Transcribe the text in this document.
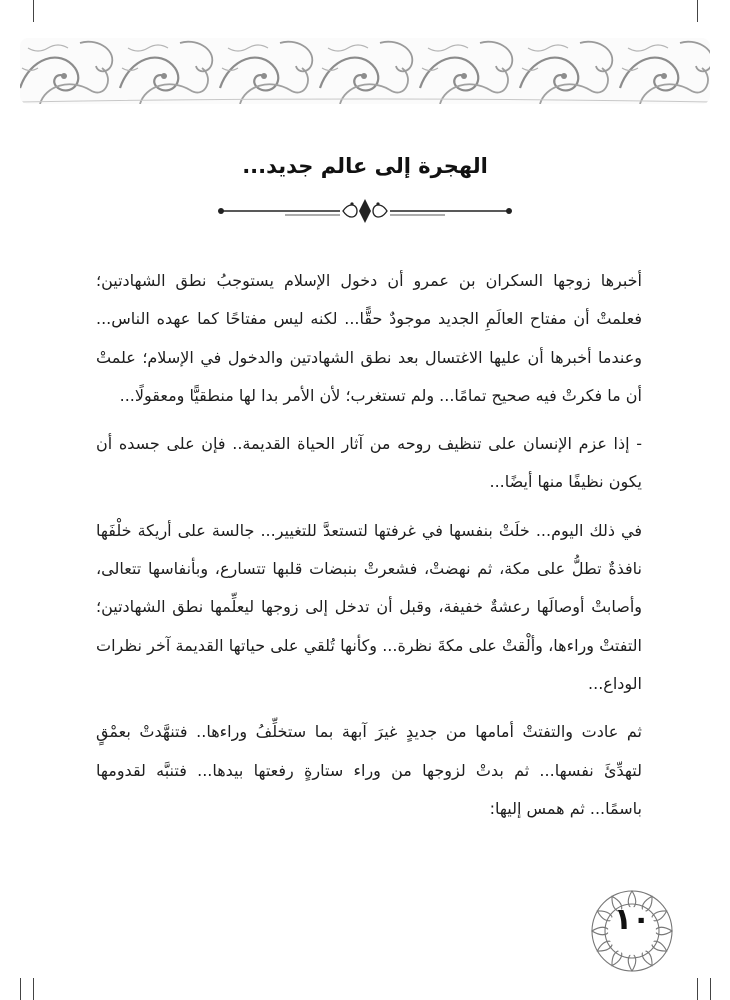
الهجرة إلى عالم جديد...

أخبرها زوجها السكران بن عمرو أن دخول الإسلام يستوجبُ نطق الشهادتين؛ فعلمتْ أن مفتاح العالَمِ الجديد موجودٌ حقًّا... لكنه ليس مفتاحًا كما عهده الناس... وعندما أخبرها أن عليها الاغتسال بعد نطق الشهادتين والدخول في الإسلام؛ علمتْ أن ما فكرتْ فيه صحيح تمامًا... ولم تستغرب؛ لأن الأمر بدا لها منطقيًّا ومعقولًا...

- إذا عزم الإنسان على تنظيف روحه من آثار الحياة القديمة.. فإن على جسده أن يكون نظيفًا منها أيضًا...

في ذلك اليوم... خلَتْ بنفسها في غرفتها لتستعدَّ للتغيير... جالسة على أريكة خلْفَها نافذةٌ تطلُّ على مكة، ثم نهضتْ، فشعرتْ بنبضات قلبها تتسارع، وبأنفاسها تتعالى، وأصابتْ أوصالَها رعشةٌ خفيفة، وقبل أن تدخل إلى زوجها ليعلِّمها نطق الشهادتين؛ التفتتْ وراءها، وألْقتْ على مكةَ نظرة... وكأنها تُلقي على حياتها القديمة آخر نظرات الوداع...

ثم عادت والتفتتْ أمامها من جديدٍ غيرَ آبهة بما ستخلِّفُ وراءها.. فتنهَّدتْ بعمْقٍ لتهدِّئَ نفسها... ثم بدتْ لزوجها من وراء ستارةٍ رفعتها بيدها... فتنبَّه لقدومها باسمًا... ثم همس إليها:

١٠
